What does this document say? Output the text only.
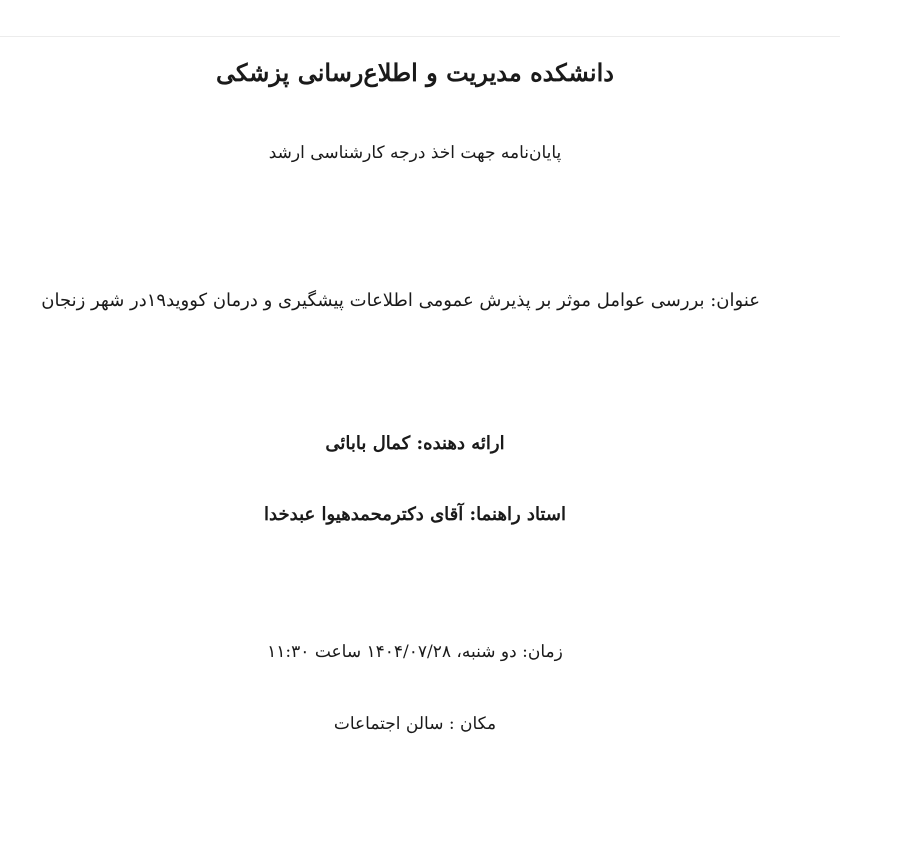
دانشکده مدیریت و اطلاع‌رسانی پزشکی
پایان‌نامه جهت اخذ درجه کارشناسی ارشد
عنوان: بررسی عوامل موثر بر پذیرش عمومی اطلاعات پیشگیری و درمان کووید۱۹در شهر زنجان
ارائه دهنده: کمال بابائی
استاد راهنما: آقای دکترمحمدهیوا عبدخدا
زمان: دو شنبه، ۱۴۰۴/۰۷/۲۸ ساعت ۱۱:۳۰
مکان : سالن اجتماعات
